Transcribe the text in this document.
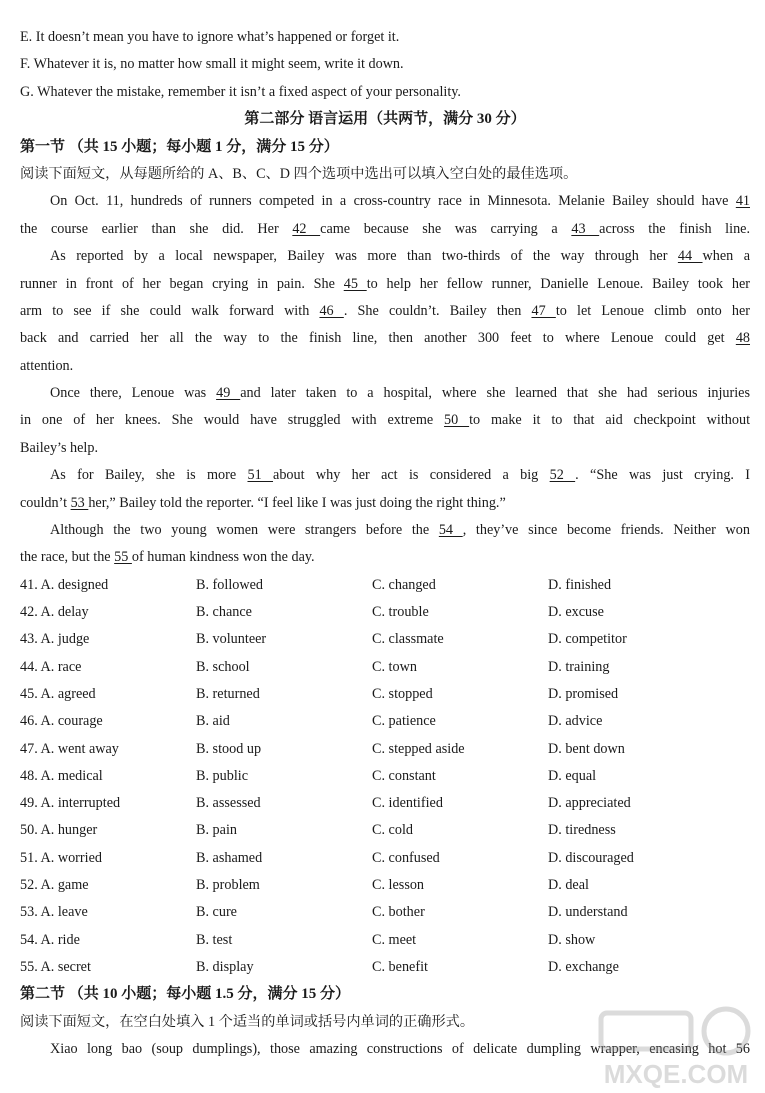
E. It doesn’t mean you have to ignore what’s happened or forget it.
F. Whatever it is, no matter how small it might seem, write it down.
G. Whatever the mistake, remember it isn’t a fixed aspect of your personality.
第二部分 语言运用（共两节，满分 30 分）
第一节 （共 15 小题；每小题 1 分，满分 15 分）
阅读下面短文，从每题所给的 A、B、C、D 四个选项中选出可以填入空白处的最佳选项。
On Oct. 11, hundreds of runners competed in a cross-country race in Minnesota. Melanie Bailey should have 41
the course earlier than she did. Her 42 came because she was carrying a 43 across the finish line.
As reported by a local newspaper, Bailey was more than two-thirds of the way through her 44 when a
runner in front of her began crying in pain. She 45 to help her fellow runner, Danielle Lenoue. Bailey took her
arm to see if she could walk forward with 46 . She couldn’t. Bailey then 47 to let Lenoue climb onto her
back and carried her all the way to the finish line, then another 300 feet to where Lenoue could get 48
attention.
Once there, Lenoue was 49 and later taken to a hospital, where she learned that she had serious injuries
in one of her knees. She would have struggled with extreme 50 to make it to that aid checkpoint without
Bailey’s help.
As for Bailey, she is more 51 about why her act is considered a big 52 . “She was just crying. I
couldn’t 53 her,” Bailey told the reporter. “I feel like I was just doing the right thing.”
Although the two young women were strangers before the 54 , they’ve since become friends. Neither won
the race, but the 55 of human kindness won the day.
41. A. designed	B. followed	C. changed	D. finished
42. A. delay	B. chance	C. trouble	D. excuse
43. A. judge	B. volunteer	C. classmate	D. competitor
44. A. race	B. school	C. town	D. training
45. A. agreed	B. returned	C. stopped	D. promised
46. A. courage	B. aid	C. patience	D. advice
47. A. went away	B. stood up	C. stepped aside	D. bent down
48. A. medical	B. public	C. constant	D. equal
49. A. interrupted	B. assessed	C. identified	D. appreciated
50. A. hunger	B. pain	C. cold	D. tiredness
51. A. worried	B. ashamed	C. confused	D. discouraged
52. A. game	B. problem	C. lesson	D. deal
53. A. leave	B. cure	C. bother	D. understand
54. A. ride	B. test	C. meet	D. show
55. A. secret	B. display	C. benefit	D. exchange
第二节 （共 10 小题；每小题 1.5 分，满分 15 分）
阅读下面短文，在空白处填入 1 个适当的单词或括号内单词的正确形式。
Xiao long bao (soup dumplings), those amazing constructions of delicate dumpling wrapper, encasing hot 56
MXQE.COM
